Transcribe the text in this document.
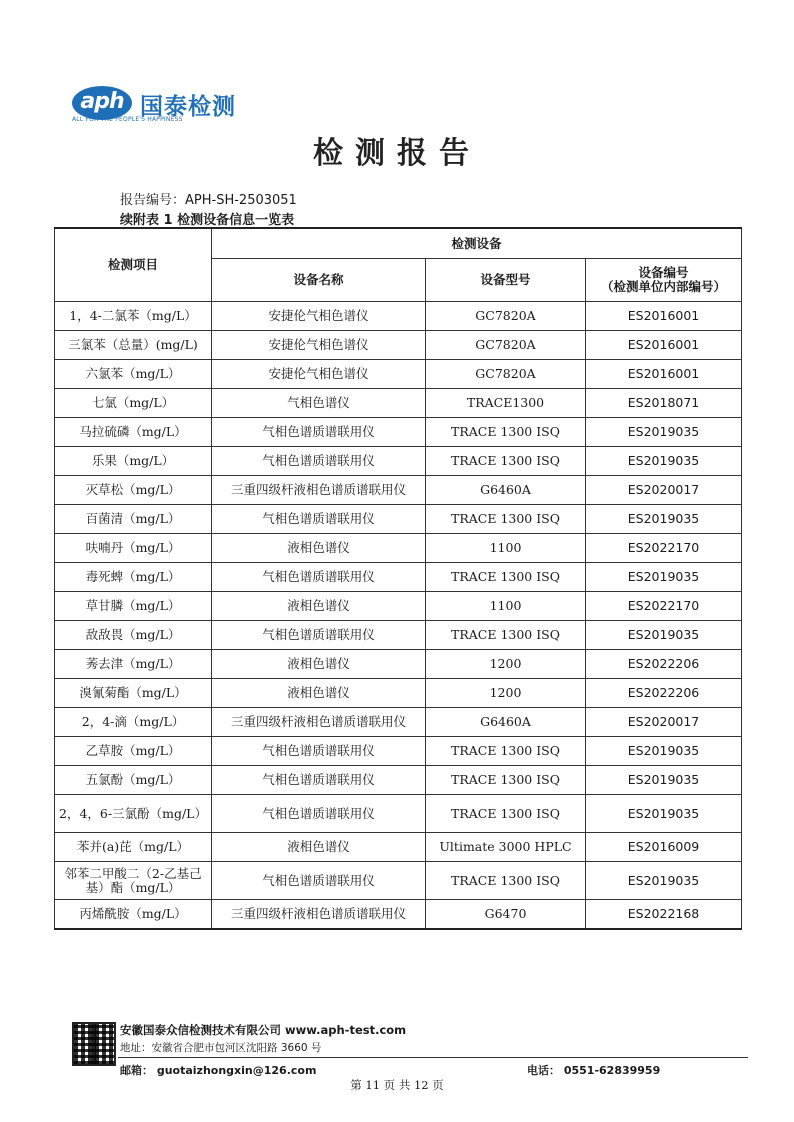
aph 国泰检测
ALL FOR THE PEOPLE'S HAPPINESS
检测报告
报告编号：APH-SH-2503051
续附表 1 检测设备信息一览表
检测项目	检测设备		
	设备名称	设备型号	设备编号
（检测单位内部编号）
1，4-二氯苯（mg/L）	安捷伦气相色谱仪	GC7820A	ES2016001
三氯苯（总量）(mg/L)	安捷伦气相色谱仪	GC7820A	ES2016001
六氯苯（mg/L）	安捷伦气相色谱仪	GC7820A	ES2016001
七氯（mg/L）	气相色谱仪	TRACE1300	ES2018071
马拉硫磷（mg/L）	气相色谱质谱联用仪	TRACE 1300 ISQ	ES2019035
乐果（mg/L）	气相色谱质谱联用仪	TRACE 1300 ISQ	ES2019035
灭草松（mg/L）	三重四级杆液相色谱质谱联用仪	G6460A	ES2020017
百菌清（mg/L）	气相色谱质谱联用仪	TRACE 1300 ISQ	ES2019035
呋喃丹（mg/L）	液相色谱仪	1100	ES2022170
毒死蜱（mg/L）	气相色谱质谱联用仪	TRACE 1300 ISQ	ES2019035
草甘膦（mg/L）	液相色谱仪	1100	ES2022170
敌敌畏（mg/L）	气相色谱质谱联用仪	TRACE 1300 ISQ	ES2019035
莠去津（mg/L）	液相色谱仪	1200	ES2022206
溴氰菊酯（mg/L）	液相色谱仪	1200	ES2022206
2，4-滴（mg/L）	三重四级杆液相色谱质谱联用仪	G6460A	ES2020017
乙草胺（mg/L）	气相色谱质谱联用仪	TRACE 1300 ISQ	ES2019035
五氯酚（mg/L）	气相色谱质谱联用仪	TRACE 1300 ISQ	ES2019035
2，4，6-三氯酚（mg/L）	气相色谱质谱联用仪	TRACE 1300 ISQ	ES2019035
苯并(a)芘（mg/L）	液相色谱仪	Ultimate 3000 HPLC	ES2016009
邻苯二甲酸二（2-乙基己基）酯（mg/L）	气相色谱质谱联用仪	TRACE 1300 ISQ	ES2019035
丙烯酰胺（mg/L）	三重四级杆液相色谱质谱联用仪	G6470	ES2022168
安徽国泰众信检测技术有限公司 www.aph-test.com
地址：安徽省合肥市包河区沈阳路 3660 号
邮箱： guotaizhongxin@126.com	电话： 0551-62839959
第 11 页 共 12 页
